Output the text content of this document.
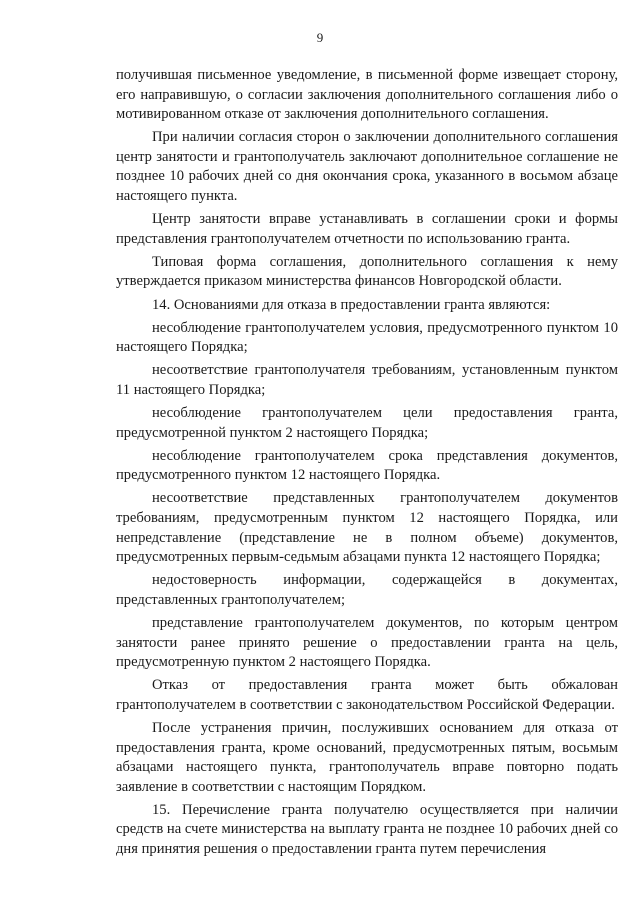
9

получившая письменное уведомление, в письменной форме извещает сторону, его направившую, о согласии заключения дополнительного соглашения либо о мотивированном отказе от заключения дополнительного соглашения.

При наличии согласия сторон о заключении дополнительного соглашения центр занятости и грантополучатель заключают дополнительное соглашение не позднее 10 рабочих дней со дня окончания срока, указанного в восьмом абзаце настоящего пункта.

Центр занятости вправе устанавливать в соглашении сроки и формы представления грантополучателем отчетности по использованию гранта.

Типовая форма соглашения, дополнительного соглашения к нему утверждается приказом министерства финансов Новгородской области.

14. Основаниями для отказа в предоставлении гранта являются:

несоблюдение грантополучателем условия, предусмотренного пунктом 10 настоящего Порядка;

несоответствие грантополучателя требованиям, установленным пунктом 11 настоящего Порядка;

несоблюдение грантополучателем цели предоставления гранта, предусмотренной пунктом 2 настоящего Порядка;

несоблюдение грантополучателем срока представления документов, предусмотренного пунктом 12 настоящего Порядка.

несоответствие представленных грантополучателем документов требованиям, предусмотренным пунктом 12 настоящего Порядка, или непредставление (представление не в полном объеме) документов, предусмотренных первым-седьмым абзацами пункта 12 настоящего Порядка;

недостоверность информации, содержащейся в документах, представленных грантополучателем;

представление грантополучателем документов, по которым центром занятости ранее принято решение о предоставлении гранта на цель, предусмотренную пунктом 2 настоящего Порядка.

Отказ от предоставления гранта может быть обжалован грантополучателем в соответствии с законодательством Российской Федерации.

После устранения причин, послуживших основанием для отказа от предоставления гранта, кроме оснований, предусмотренных пятым, восьмым абзацами настоящего пункта, грантополучатель вправе повторно подать заявление в соответствии с настоящим Порядком.

15. Перечисление гранта получателю осуществляется при наличии средств на счете министерства на выплату гранта не позднее 10 рабочих дней со дня принятия решения о предоставлении гранта путем перечисления
